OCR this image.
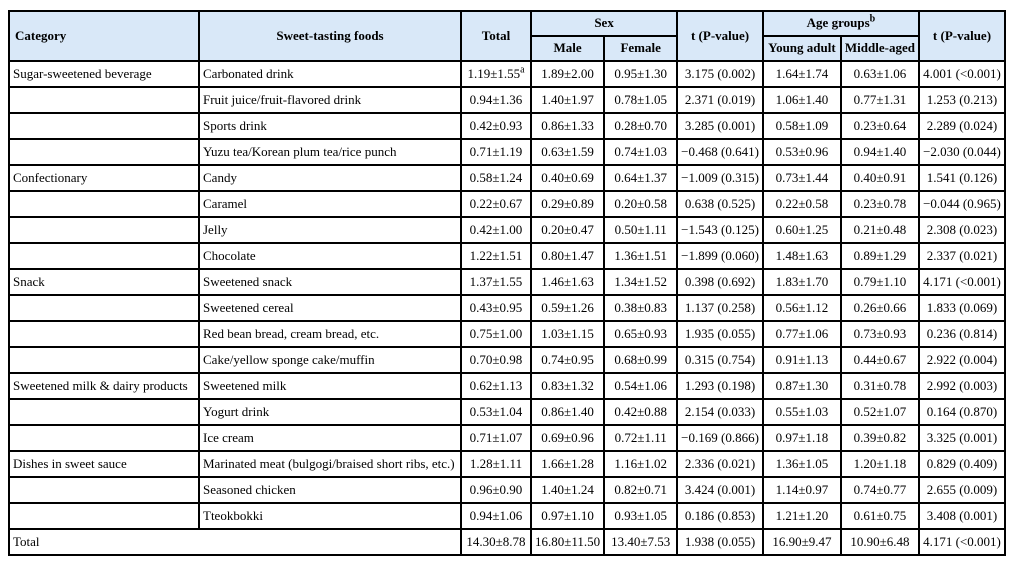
Category	Sweet-tasting foods	Total	Sex		t (P-value)	Age groups$^b$		t (P-value)
			Male	Female		Young adult	Middle-aged	
Sugar-sweetened beverage	Carbonated drink	1.19±1.55$^a$	1.89±2.00	0.95±1.30	3.175 (0.002)	1.64±1.74	0.63±1.06	4.001 (<0.001)
	Fruit juice/fruit-flavored drink	0.94±1.36	1.40±1.97	0.78±1.05	2.371 (0.019)	1.06±1.40	0.77±1.31	1.253 (0.213)
	Sports drink	0.42±0.93	0.86±1.33	0.28±0.70	3.285 (0.001)	0.58±1.09	0.23±0.64	2.289 (0.024)
	Yuzu tea/Korean plum tea/rice punch	0.71±1.19	0.63±1.59	0.74±1.03	−0.468 (0.641)	0.53±0.96	0.94±1.40	−2.030 (0.044)
Confectionary	Candy	0.58±1.24	0.40±0.69	0.64±1.37	−1.009 (0.315)	0.73±1.44	0.40±0.91	1.541 (0.126)
	Caramel	0.22±0.67	0.29±0.89	0.20±0.58	0.638 (0.525)	0.22±0.58	0.23±0.78	−0.044 (0.965)
	Jelly	0.42±1.00	0.20±0.47	0.50±1.11	−1.543 (0.125)	0.60±1.25	0.21±0.48	2.308 (0.023)
	Chocolate	1.22±1.51	0.80±1.47	1.36±1.51	−1.899 (0.060)	1.48±1.63	0.89±1.29	2.337 (0.021)
Snack	Sweetened snack	1.37±1.55	1.46±1.63	1.34±1.52	0.398 (0.692)	1.83±1.70	0.79±1.10	4.171 (<0.001)
	Sweetened cereal	0.43±0.95	0.59±1.26	0.38±0.83	1.137 (0.258)	0.56±1.12	0.26±0.66	1.833 (0.069)
	Red bean bread, cream bread, etc.	0.75±1.00	1.03±1.15	0.65±0.93	1.935 (0.055)	0.77±1.06	0.73±0.93	0.236 (0.814)
	Cake/yellow sponge cake/muffin	0.70±0.98	0.74±0.95	0.68±0.99	0.315 (0.754)	0.91±1.13	0.44±0.67	2.922 (0.004)
Sweetened milk & dairy products	Sweetened milk	0.62±1.13	0.83±1.32	0.54±1.06	1.293 (0.198)	0.87±1.30	0.31±0.78	2.992 (0.003)
	Yogurt drink	0.53±1.04	0.86±1.40	0.42±0.88	2.154 (0.033)	0.55±1.03	0.52±1.07	0.164 (0.870)
	Ice cream	0.71±1.07	0.69±0.96	0.72±1.11	−0.169 (0.866)	0.97±1.18	0.39±0.82	3.325 (0.001)
Dishes in sweet sauce	Marinated meat (bulgogi/braised short ribs, etc.)	1.28±1.11	1.66±1.28	1.16±1.02	2.336 (0.021)	1.36±1.05	1.20±1.18	0.829 (0.409)
	Seasoned chicken	0.96±0.90	1.40±1.24	0.82±0.71	3.424 (0.001)	1.14±0.97	0.74±0.77	2.655 (0.009)
	Tteokbokki	0.94±1.06	0.97±1.10	0.93±1.05	0.186 (0.853)	1.21±1.20	0.61±0.75	3.408 (0.001)
Total		14.30±8.78	16.80±11.50	13.40±7.53	1.938 (0.055)	16.90±9.47	10.90±6.48	4.171 (<0.001)
